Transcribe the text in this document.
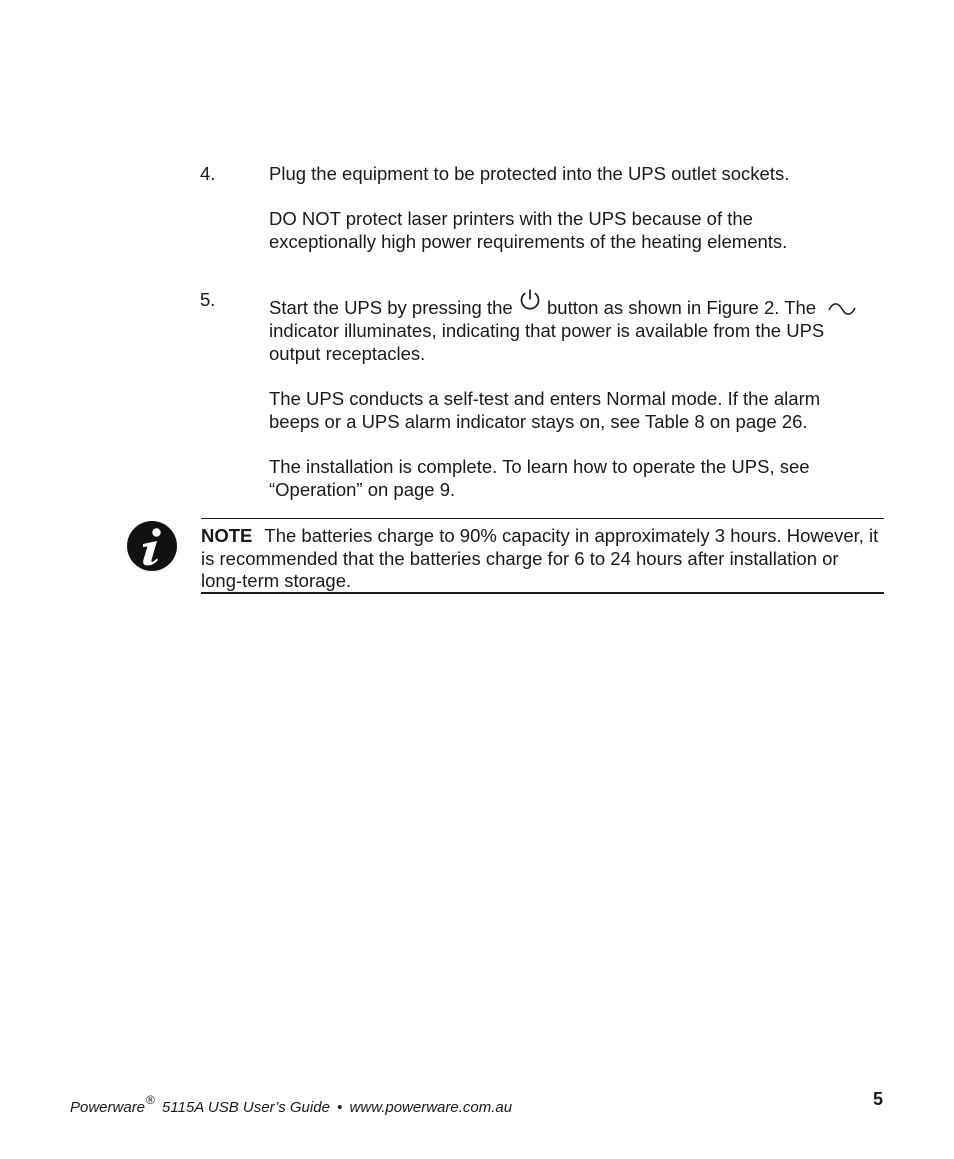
4.	Plug the equipment to be protected into the UPS outlet sockets.

DO NOT protect laser printers with the UPS because of the exceptionally high power requirements of the heating elements.

5.	Start the UPS by pressing the button as shown in Figure 2. The  indicator illuminates, indicating that power is available from the UPS output receptacles.

The UPS conducts a self-test and enters Normal mode. If the alarm beeps or a UPS alarm indicator stays on, see Table 8 on page 26.

The installation is complete. To learn how to operate the UPS, see “Operation” on page 9.

NOTE The batteries charge to 90% capacity in approximately 3 hours. However, it is recommended that the batteries charge for 6 to 24 hours after installation or long-term storage.
Powerware® 5115A USB User’s Guide • www.powerware.com.au	5
